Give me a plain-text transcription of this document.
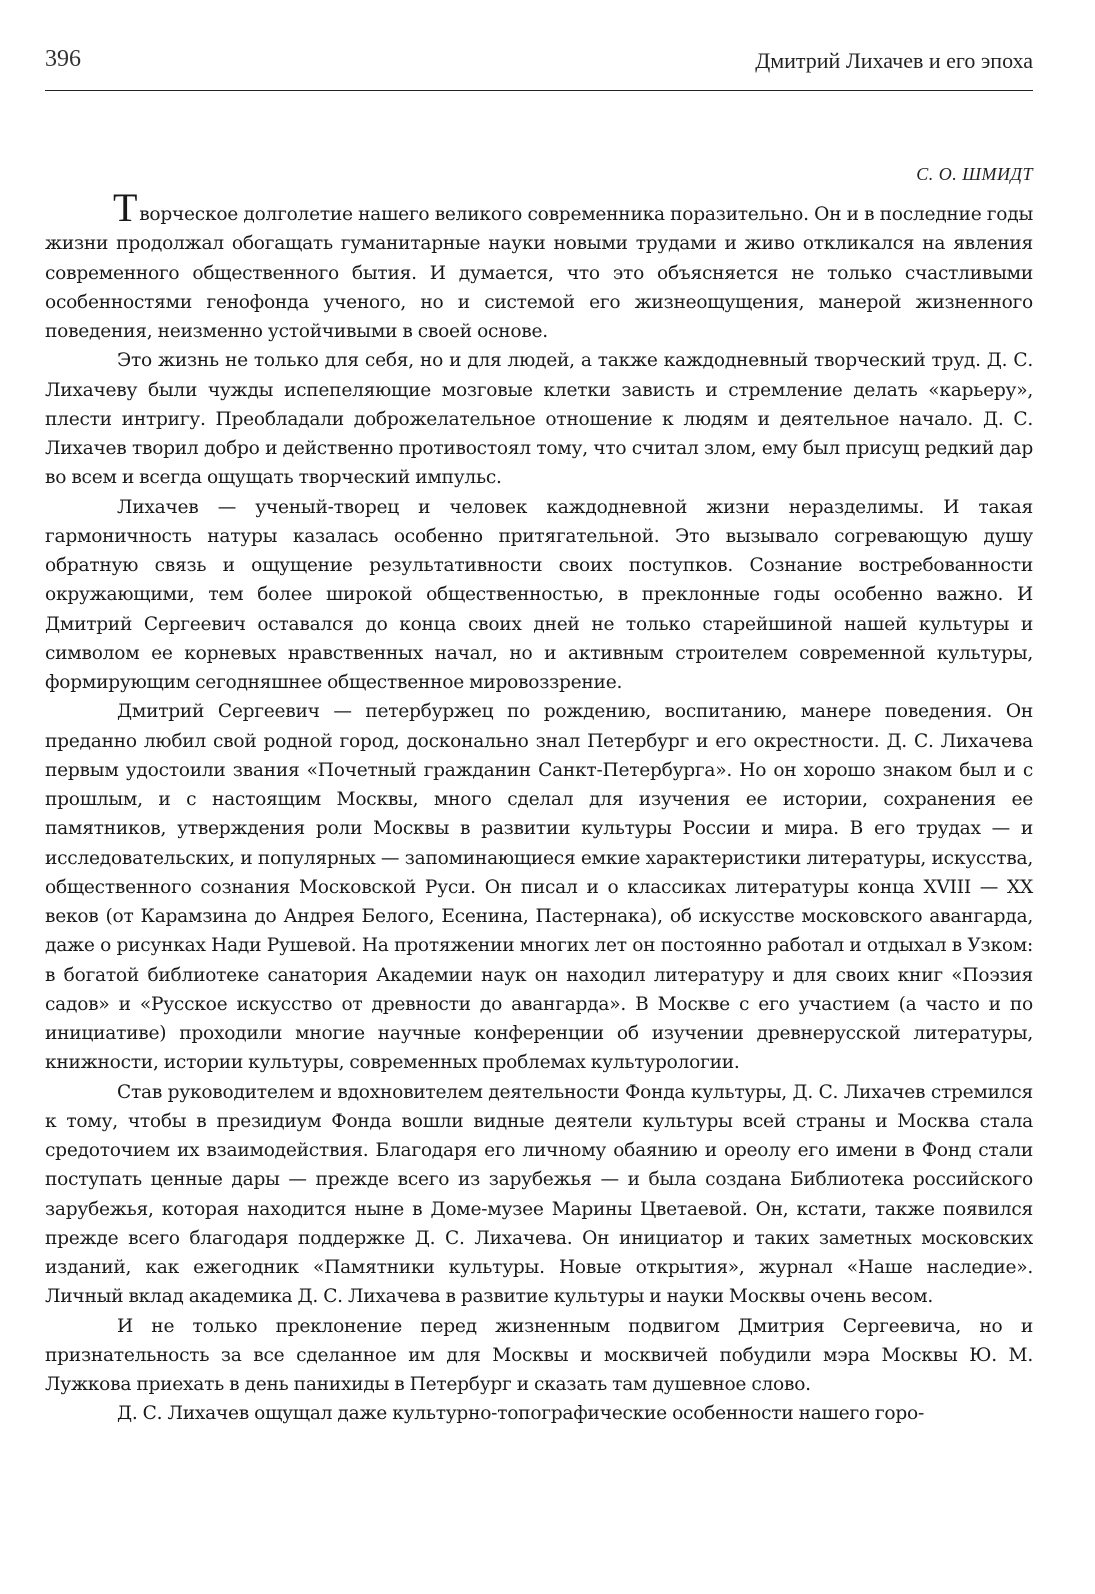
396	Дмитрий Лихачев и его эпоха
С. О. ШМИДТ

Творческое долголетие нашего великого современника поразительно. Он и в последние годы жизни продолжал обогащать гуманитарные науки новыми трудами и живо откликался на явления современного общественного бытия. И думается, что это объясняется не только счастливыми особенностями генофонда ученого, но и системой его жизнеощущения, манерой жизненного поведения, неизменно устойчивыми в своей основе.

Это жизнь не только для себя, но и для людей, а также каждодневный творческий труд. Д. С. Лихачеву были чужды испепеляющие мозговые клетки зависть и стремление делать «карьеру», плести интригу. Преобладали доброжелательное отношение к людям и деятельное начало. Д. С. Лихачев творил добро и действенно противостоял тому, что считал злом, ему был присущ редкий дар во всем и всегда ощущать творческий импульс.

Лихачев — ученый-творец и человек каждодневной жизни неразделимы. И такая гармоничность натуры казалась особенно притягательной. Это вызывало согревающую душу обратную связь и ощущение результативности своих поступков. Сознание востребованности окружающими, тем более широкой общественностью, в преклонные годы особенно важно. И Дмитрий Сергеевич оставался до конца своих дней не только старейшиной нашей культуры и символом ее корневых нравственных начал, но и активным строителем современной культуры, формирующим сегодняшнее общественное мировоззрение.

Дмитрий Сергеевич — петербуржец по рождению, воспитанию, манере поведения. Он преданно любил свой родной город, досконально знал Петербург и его окрестности. Д. С. Лихачева первым удостоили звания «Почетный гражданин Санкт-Петербурга». Но он хорошо знаком был и с прошлым, и с настоящим Москвы, много сделал для изучения ее истории, сохранения ее памятников, утверждения роли Москвы в развитии культуры России и мира. В его трудах — и исследовательских, и популярных — запоминающиеся емкие характеристики литературы, искусства, общественного сознания Московской Руси. Он писал и о классиках литературы конца XVIII — XX веков (от Карамзина до Андрея Белого, Есенина, Пастернака), об искусстве московского авангарда, даже о рисунках Нади Рушевой. На протяжении многих лет он постоянно работал и отдыхал в Узком: в богатой библиотеке санатория Академии наук он находил литературу и для своих книг «Поэзия садов» и «Русское искусство от древности до авангарда». В Москве с его участием (а часто и по инициативе) проходили многие научные конференции об изучении древнерусской литературы, книжности, истории культуры, современных проблемах культурологии.

Став руководителем и вдохновителем деятельности Фонда культуры, Д. С. Лихачев стремился к тому, чтобы в президиум Фонда вошли видные деятели культуры всей страны и Москва стала средоточием их взаимодействия. Благодаря его личному обаянию и ореолу его имени в Фонд стали поступать ценные дары — прежде всего из зарубежья — и была создана Библиотека российского зарубежья, которая находится ныне в Доме-музее Марины Цветаевой. Он, кстати, также появился прежде всего благодаря поддержке Д. С. Лихачева. Он инициатор и таких заметных московских изданий, как ежегодник «Памятники культуры. Новые открытия», журнал «Наше наследие». Личный вклад академика Д. С. Лихачева в развитие культуры и науки Москвы очень весом.

И не только преклонение перед жизненным подвигом Дмитрия Сергеевича, но и признательность за все сделанное им для Москвы и москвичей побудили мэра Москвы Ю. М. Лужкова приехать в день панихиды в Петербург и сказать там душевное слово.

Д. С. Лихачев ощущал даже культурно-топографические особенности нашего горо-
